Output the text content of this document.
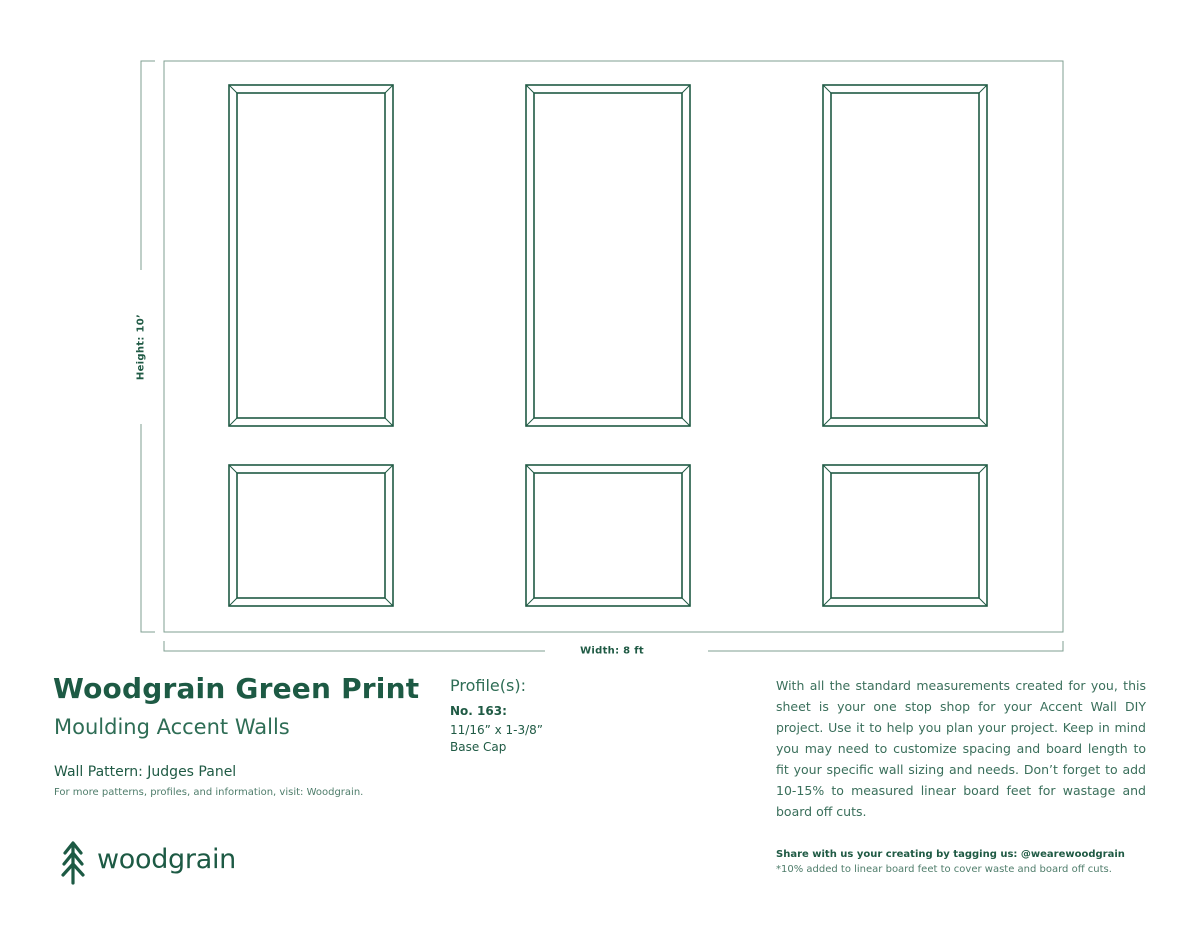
Height: 10’
Width: 8 ft
Woodgrain Green Print
Moulding Accent Walls
Wall Pattern: Judges Panel
For more patterns, profiles, and information, visit: Woodgrain.
Profile(s):
No. 163:
11/16” x 1-3/8”
Base Cap
With all the standard measurements created for you, this sheet is your one stop shop for your Accent Wall DIY project. Use it to help you plan your project. Keep in mind you may need to customize spacing and board length to fit your specific wall sizing and needs. Don’t forget to add 10-15% to measured linear board feet for wastage and board off cuts.
woodgrain	Share with us your creating by tagging us: @wearewoodgrain
*10% added to linear board feet to cover waste and board off cuts.
